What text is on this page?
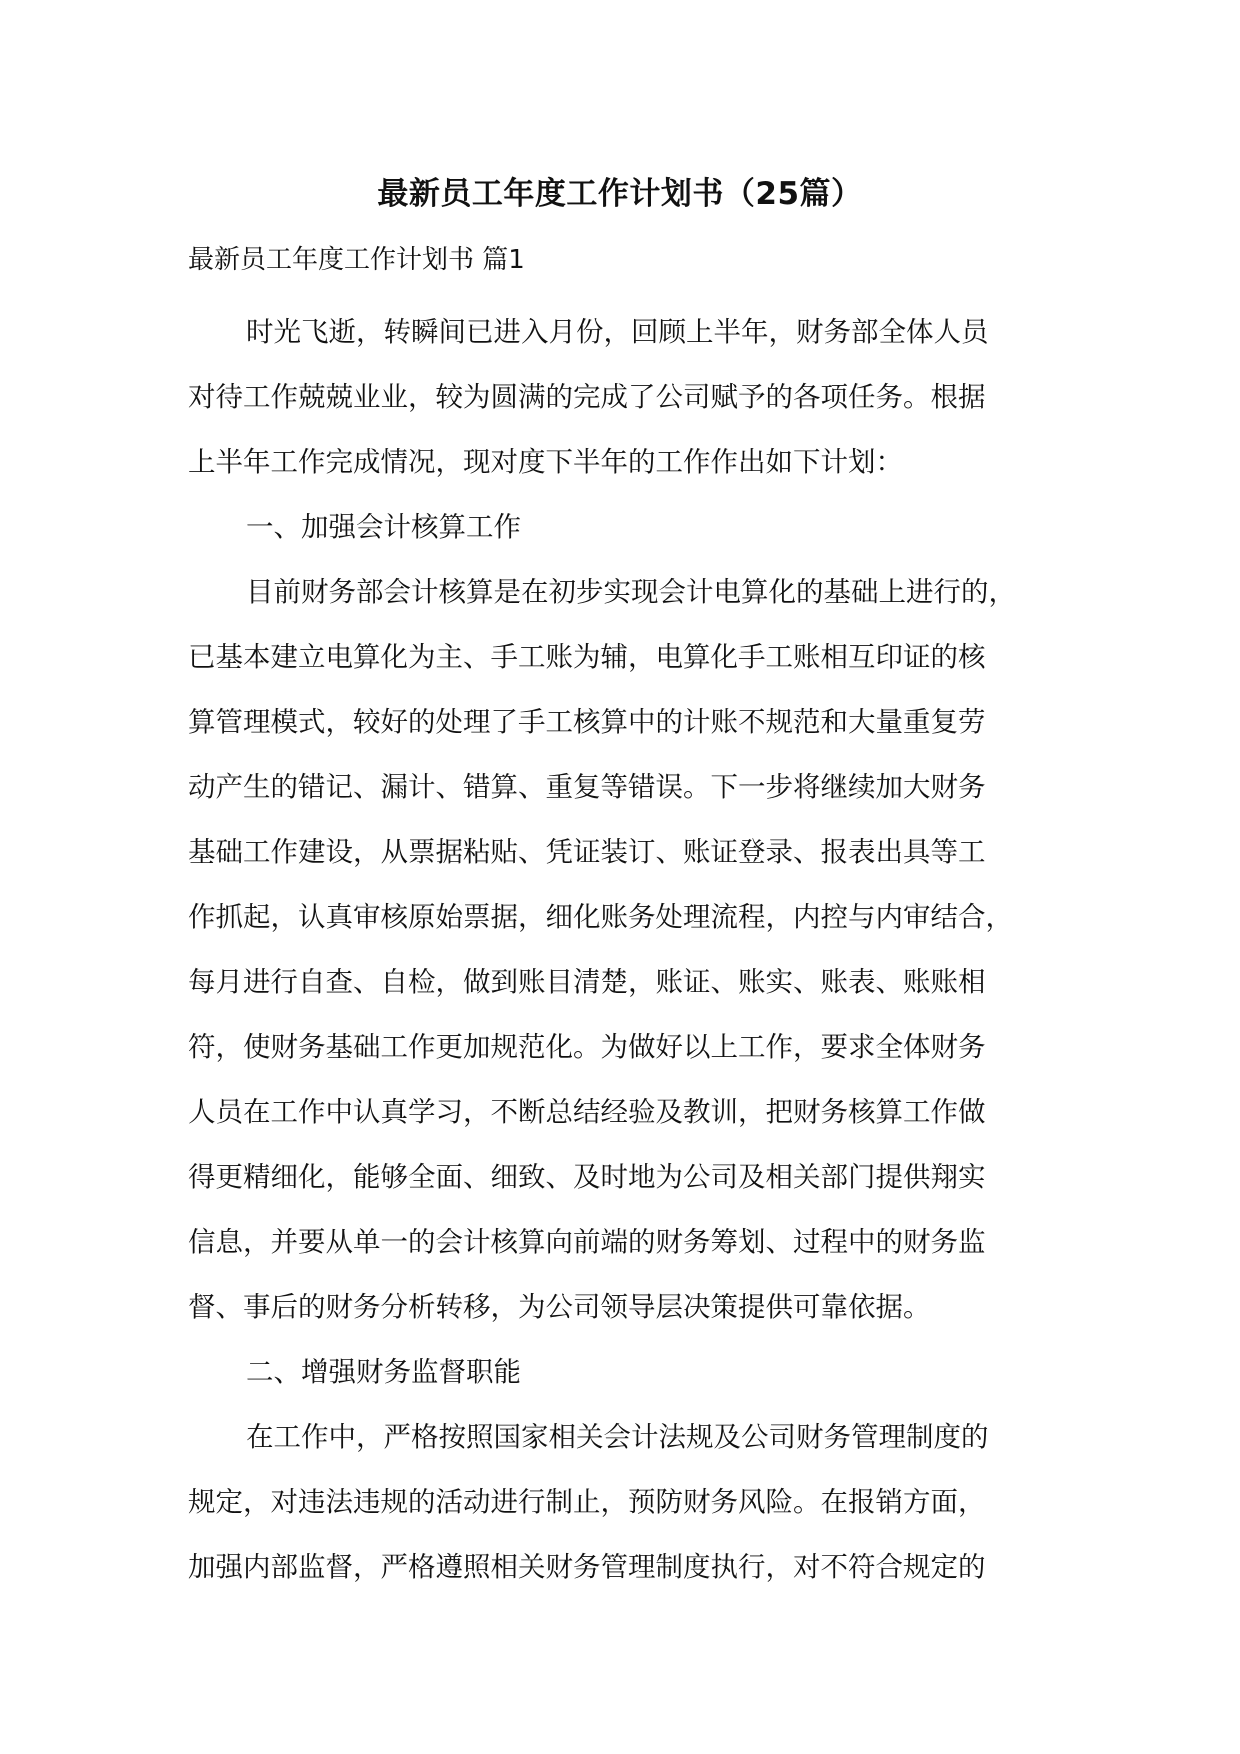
最新员工年度工作计划书（25篇）
最新员工年度工作计划书 篇1
时光飞逝，转瞬间已进入月份，回顾上半年，财务部全体人员
对待工作兢兢业业，较为圆满的完成了公司赋予的各项任务。根据
上半年工作完成情况，现对度下半年的工作作出如下计划：
一、加强会计核算工作
目前财务部会计核算是在初步实现会计电算化的基础上进行的，
已基本建立电算化为主、手工账为辅，电算化手工账相互印证的核
算管理模式，较好的处理了手工核算中的计账不规范和大量重复劳
动产生的错记、漏计、错算、重复等错误。下一步将继续加大财务
基础工作建设，从票据粘贴、凭证装订、账证登录、报表出具等工
作抓起，认真审核原始票据，细化账务处理流程，内控与内审结合，
每月进行自查、自检，做到账目清楚，账证、账实、账表、账账相
符，使财务基础工作更加规范化。为做好以上工作，要求全体财务
人员在工作中认真学习，不断总结经验及教训，把财务核算工作做
得更精细化，能够全面、细致、及时地为公司及相关部门提供翔实
信息，并要从单一的会计核算向前端的财务筹划、过程中的财务监
督、事后的财务分析转移，为公司领导层决策提供可靠依据。
二、增强财务监督职能
在工作中，严格按照国家相关会计法规及公司财务管理制度的
规定，对违法违规的活动进行制止，预防财务风险。在报销方面，
加强内部监督，严格遵照相关财务管理制度执行，对不符合规定的
